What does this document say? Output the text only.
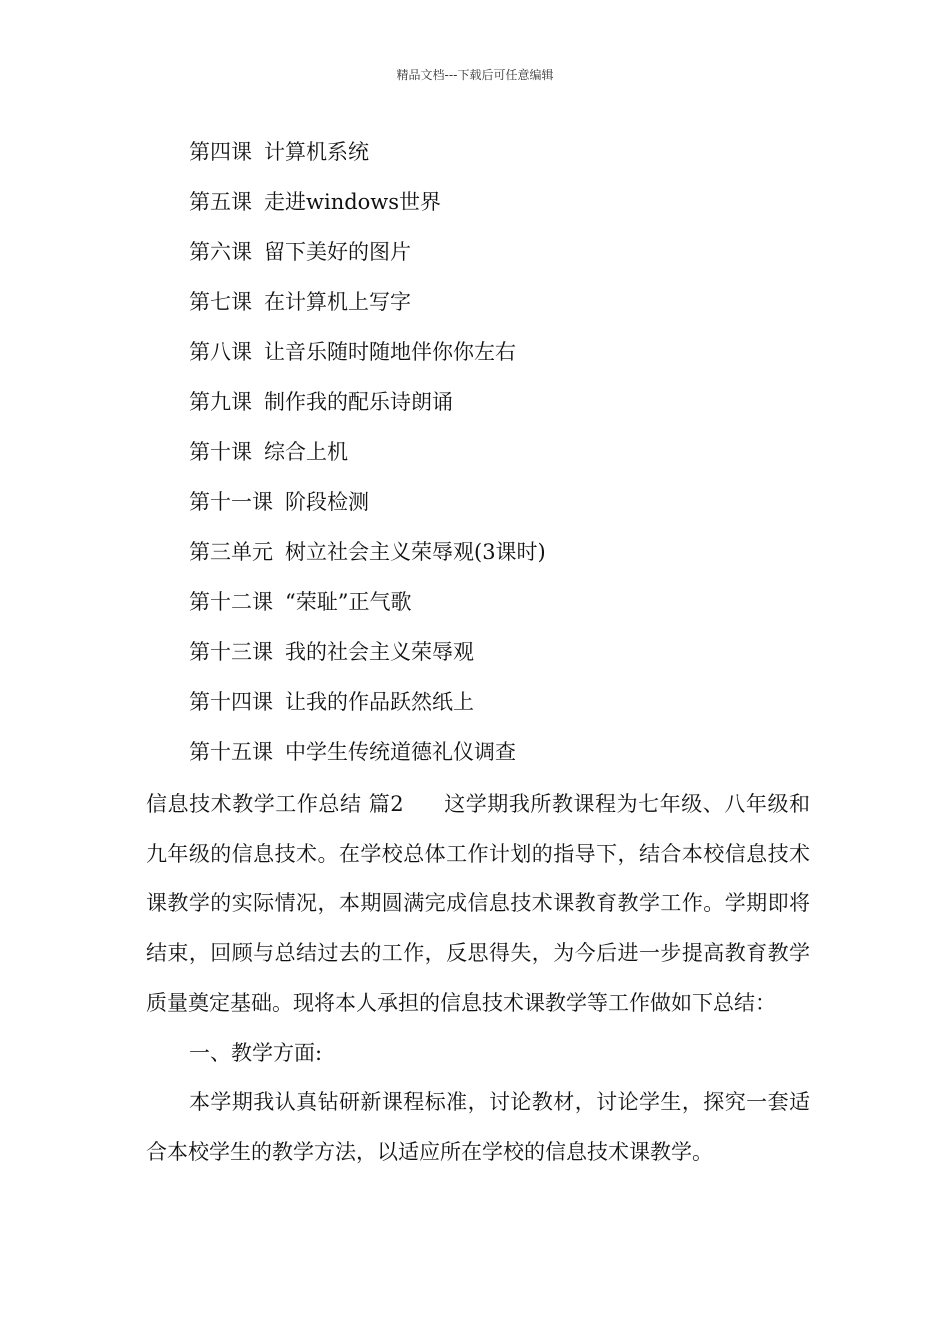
精品文档---下载后可任意编辑
第四课 计算机系统
第五课 走进windows世界
第六课 留下美好的图片
第七课 在计算机上写字
第八课 让音乐随时随地伴你你左右
第九课 制作我的配乐诗朗诵
第十课 综合上机
第十一课 阶段检测
第三单元 树立社会主义荣辱观(3课时)
第十二课 “荣耻”正气歌
第十三课 我的社会主义荣辱观
第十四课 让我的作品跃然纸上
第十五课 中学生传统道德礼仪调查

信息技术教学工作总结 篇2 这学期我所教课程为七年级、八年级和九年级的信息技术。在学校总体工作计划的指导下，结合本校信息技术课教学的实际情况，本期圆满完成信息技术课教育教学工作。学期即将结束，回顾与总结过去的工作，反思得失，为今后进一步提高教育教学质量奠定基础。现将本人承担的信息技术课教学等工作做如下总结：

一、教学方面:

本学期我认真钻研新课程标准，讨论教材，讨论学生，探究一套适合本校学生的教学方法，以适应所在学校的信息技术课教学。
